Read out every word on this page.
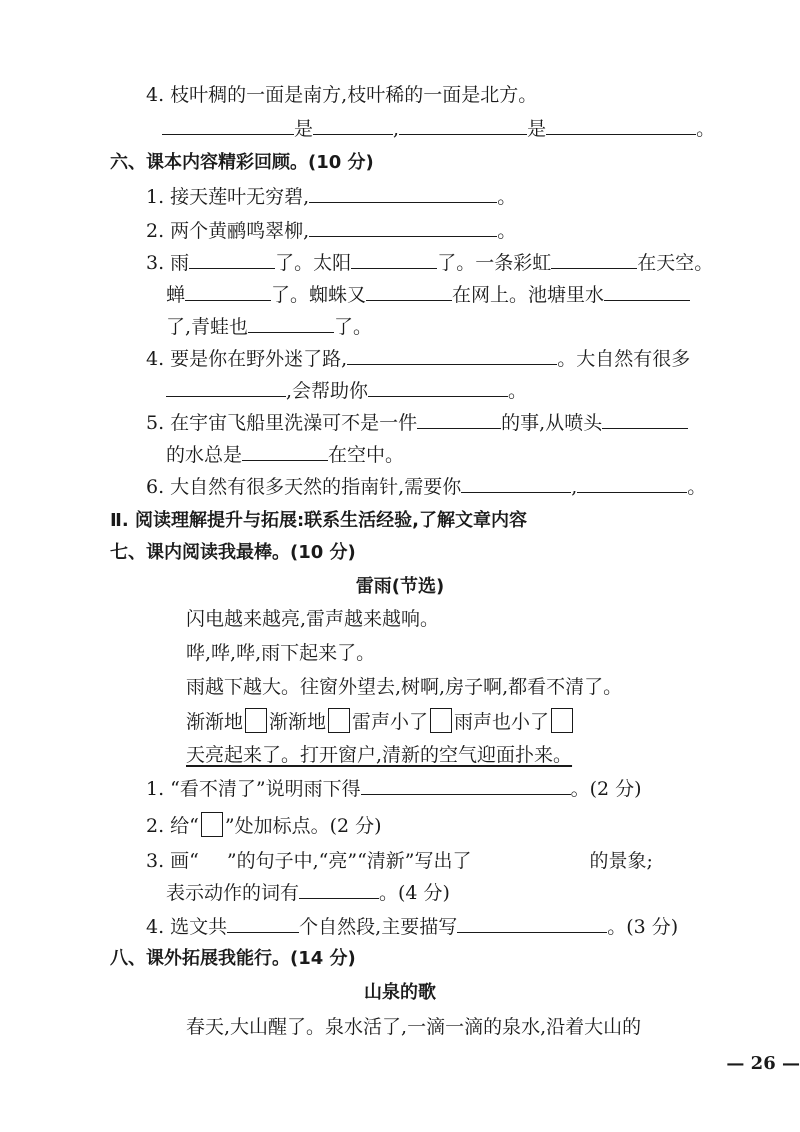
4. 枝叶稠的一面是南方,枝叶稀的一面是北方。
是	,	是	。
六、课本内容精彩回顾。(10 分)
1. 接天莲叶无穷碧,	。
2. 两个黄鹂鸣翠柳,	。
3. 雨	了。太阳	了。一条彩虹	在天空。
蝉	了。蜘蛛又	在网上。池塘里水
了,青蛙也	了。
4. 要是你在野外迷了路,	。大自然有很多
,会帮助你	。
5. 在宇宙飞船里洗澡可不是一件	的事,从喷头
的水总是	在空中。
6. 大自然有很多天然的指南针,需要你	,	。
Ⅱ. 阅读理解提升与拓展:联系生活经验,了解文章内容
七、课内阅读我最棒。(10 分)
雷雨(节选)
闪电越来越亮,雷声越来越响。
哗,哗,哗,雨下起来了。
雨越下越大。往窗外望去,树啊,房子啊,都看不清了。
渐渐地 渐渐地 雷声小了 雨声也小了
天亮起来了。打开窗户,清新的空气迎面扑来。
1. “看不清了”说明雨下得	。(2 分)
2. 给“ ”处加标点。(2 分)
3. 画“ ”的句子中,“亮”“清新”写出了	的景象;
表示动作的词有	。(4 分)
4. 选文共	个自然段,主要描写	。(3 分)
八、课外拓展我能行。(14 分)
山泉的歌
春天,大山醒了。泉水活了,一滴一滴的泉水,沿着大山的
— 26 —
